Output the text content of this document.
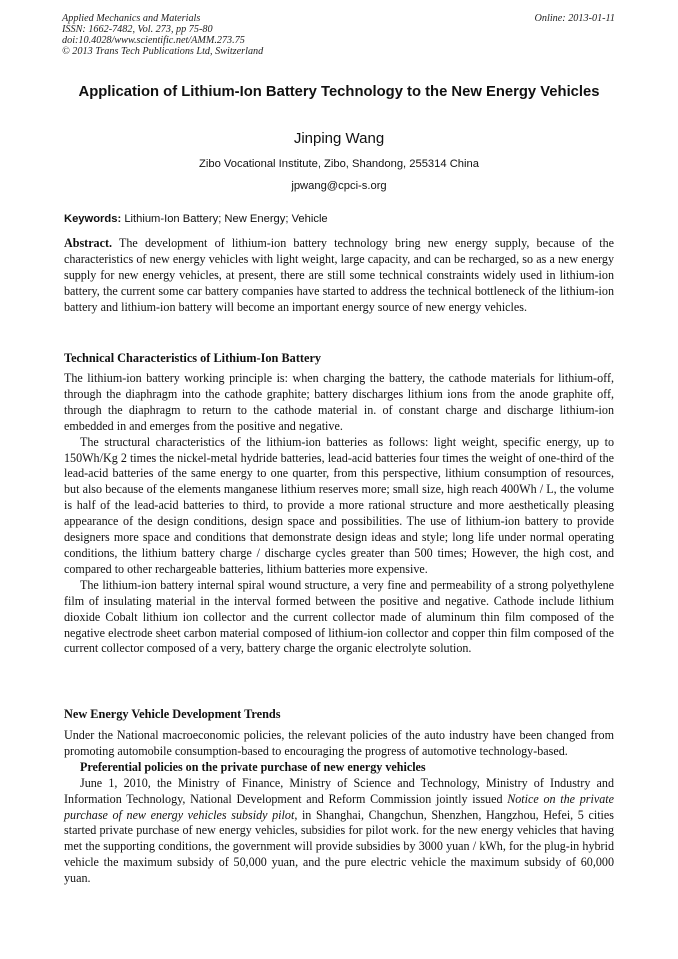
Applied Mechanics and Materials
ISSN: 1662-7482, Vol. 273, pp 75-80
doi:10.4028/www.scientific.net/AMM.273.75
© 2013 Trans Tech Publications Ltd, Switzerland
Online: 2013-01-11
Application of Lithium-Ion Battery Technology to the New Energy Vehicles
Jinping Wang
Zibo Vocational Institute, Zibo, Shandong, 255314 China
jpwang@cpci-s.org
Keywords: Lithium-Ion Battery; New Energy; Vehicle

Abstract. The development of lithium-ion battery technology bring new energy supply, because of the characteristics of new energy vehicles with light weight, large capacity, and can be recharged, so as a new energy supply for new energy vehicles, at present, there are still some technical constraints widely used in lithium-ion battery, the current some car battery companies have started to address the technical bottleneck of the lithium-ion battery and lithium-ion battery will become an important energy source of new energy vehicles.

Technical Characteristics of Lithium-Ion Battery

The lithium-ion battery working principle is: when charging the battery, the cathode materials for lithium-off, through the diaphragm into the cathode graphite; battery discharges lithium ions from the anode graphite off, through the diaphragm to return to the cathode material in. of constant charge and discharge lithium-ion embedded in and emerges from the positive and negative.

The structural characteristics of the lithium-ion batteries as follows: light weight, specific energy, up to 150Wh/Kg 2 times the nickel-metal hydride batteries, lead-acid batteries four times the weight of one-third of the lead-acid batteries of the same energy to one quarter, from this perspective, lithium consumption of resources, but also because of the elements manganese lithium reserves more; small size, high reach 400Wh / L, the volume is half of the lead-acid batteries to third, to provide a more rational structure and more aesthetically pleasing appearance of the design conditions, design space and possibilities. The use of lithium-ion battery to provide designers more space and conditions that demonstrate design ideas and style; long life under normal operating conditions, the lithium battery charge / discharge cycles greater than 500 times; However, the high cost, and compared to other rechargeable batteries, lithium batteries more expensive.

The lithium-ion battery internal spiral wound structure, a very fine and permeability of a strong polyethylene film of insulating material in the interval formed between the positive and negative. Cathode include lithium dioxide Cobalt lithium ion collector and the current collector made of aluminum thin film composed of the negative electrode sheet carbon material composed of lithium-ion collector and copper thin film composed of the current collector composed of a very, battery charge the organic electrolyte solution.

New Energy Vehicle Development Trends

Under the National macroeconomic policies, the relevant policies of the auto industry have been changed from promoting automobile consumption-based to encouraging the progress of automotive technology-based.

Preferential policies on the private purchase of new energy vehicles

June 1, 2010, the Ministry of Finance, Ministry of Science and Technology, Ministry of Industry and Information Technology, National Development and Reform Commission jointly issued Notice on the private purchase of new energy vehicles subsidy pilot, in Shanghai, Changchun, Shenzhen, Hangzhou, Hefei, 5 cities started private purchase of new energy vehicles, subsidies for pilot work. for the new energy vehicles that having met the supporting conditions, the government will provide subsidies by 3000 yuan / kWh, for the plug-in hybrid vehicle the maximum subsidy of 50,000 yuan, and the pure electric vehicle the maximum subsidy of 60,000 yuan.
